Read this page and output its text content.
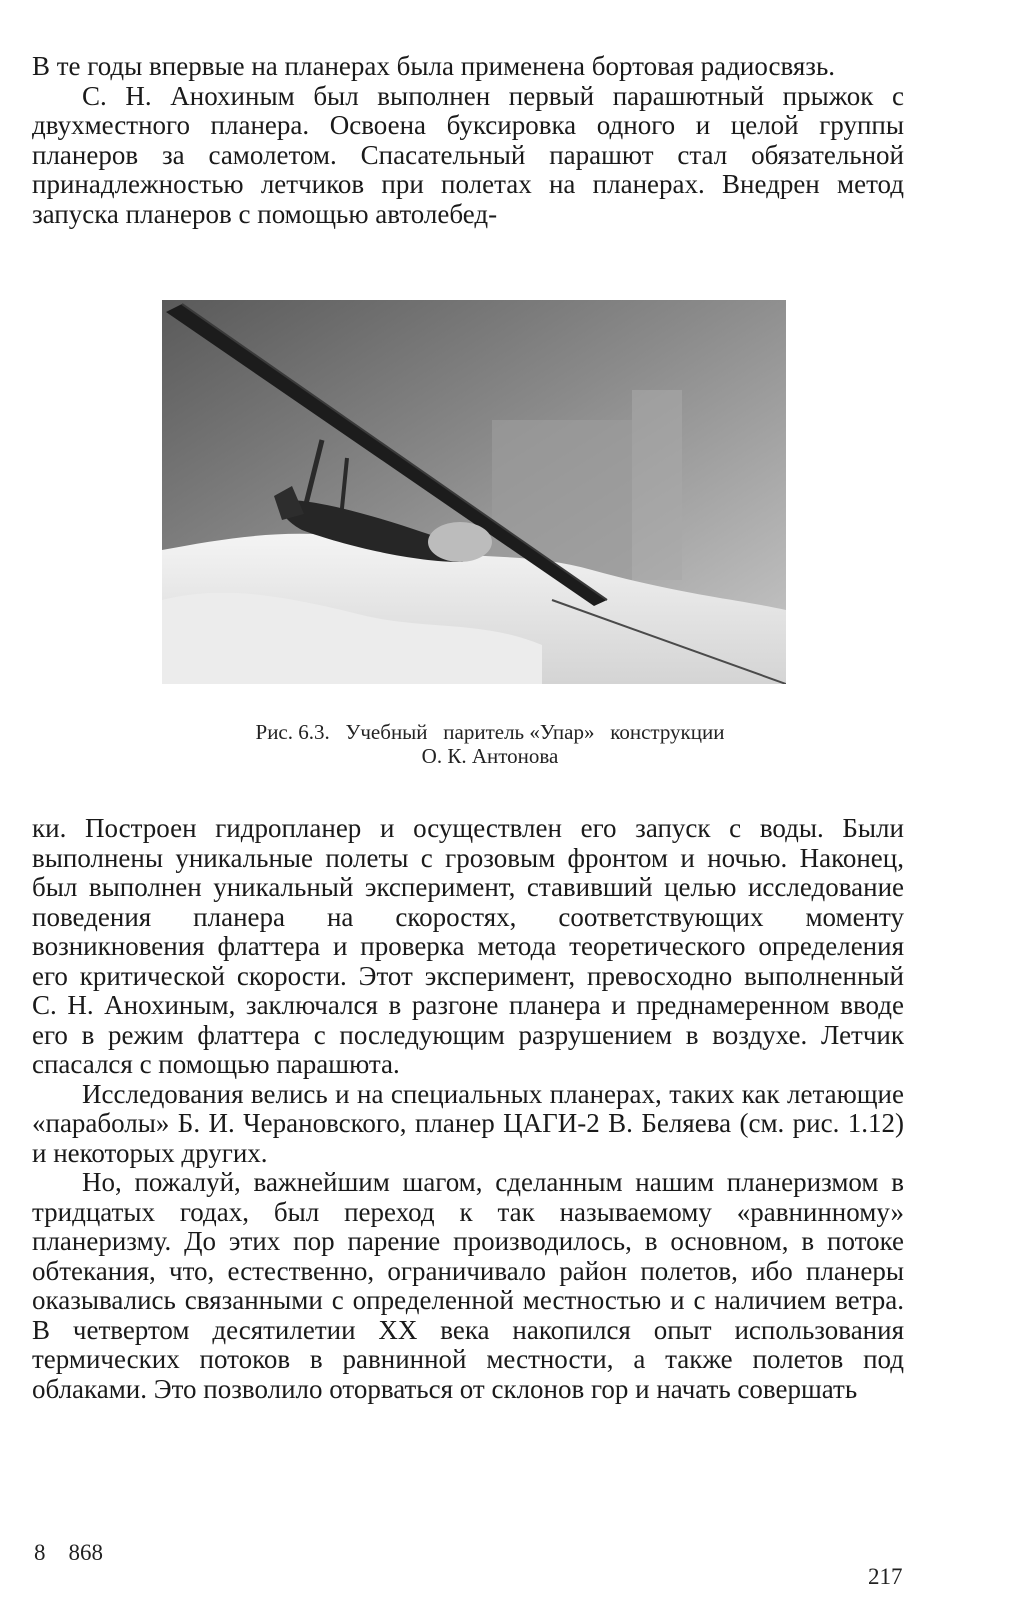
В те годы впервые на планерах была применена бортовая радиосвязь.

С. Н. Анохиным был выполнен первый парашютный прыжок с двухместного планера. Освоена буксировка одного и целой группы планеров за самолетом. Спасательный парашют стал обязательной принадлежностью летчиков при полетах на планерах. Внедрен метод запуска планеров с помощью автолебед-

Рис. 6.3.   Учебный   паритель «Упар»   конструкции
О. К. Антонова

ки. Построен гидропланер и осуществлен его запуск с воды. Были выполнены уникальные полеты с грозовым фронтом и ночью. Наконец, был выполнен уникальный эксперимент, ставивший целью исследование поведения планера на скоростях, соответствующих моменту возникновения флаттера и проверка метода теоретического определения его критической скорости. Этот эксперимент, превосходно выполненный С. Н. Анохиным, заключался в разгоне планера и преднамеренном вводе его в режим флаттера с последующим разрушением в воздухе. Летчик спасался с помощью парашюта.

Исследования велись и на специальных планерах, таких как летающие «параболы» Б. И. Черановского, планер ЦАГИ-2 В. Беляева (см. рис. 1.12) и некоторых других.

Но, пожалуй, важнейшим шагом, сделанным нашим планеризмом в тридцатых годах, был переход к так называемому «равнинному» планеризму. До этих пор парение производилось, в основном, в потоке обтекания, что, естественно, ограничивало район полетов, ибо планеры оказывались связанными с определенной местностью и с наличием ветра. В четвертом десятилетии XX века накопился опыт использования термических потоков в равнинной местности, а также полетов под облаками. Это позволило оторваться от склонов гор и начать совершать

8    868
217
